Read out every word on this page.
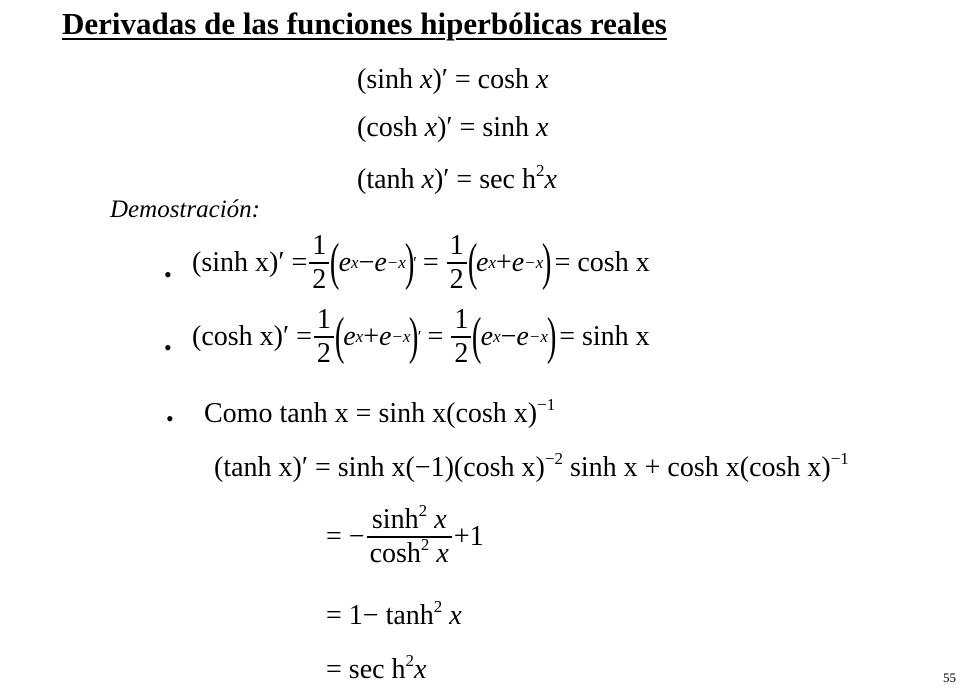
Derivadas de las funciones hiperbólicas reales
(sinh x)′ = cosh x
(cosh x)′ = sinh x
(tanh $x)' = \sec h^2x$
Demostración:
• (sinh $x)' = \frac{1}{2}$ (
e x − e −x
)
′ = $\frac{1}{2}$ (
e x + e −x
) = cosh x
• (cosh $x)' = \frac{1}{2}$ (
e x + e −x
)
′ = $\frac{1}{2}$ (
e x − e −x
) = sinh x
• Como tanh x = sinh x(cosh x)$^{-1}$
(tanh x)′ = sinh x(−1)(cosh x)$^{-2}$ sinh x + cosh x(cosh x)$^{-1}$
= − $\frac{\sinh^2 x}{\cosh^2 x} +1$
= $1- \tanh^2 x$
= $\sec h^2x$	55
